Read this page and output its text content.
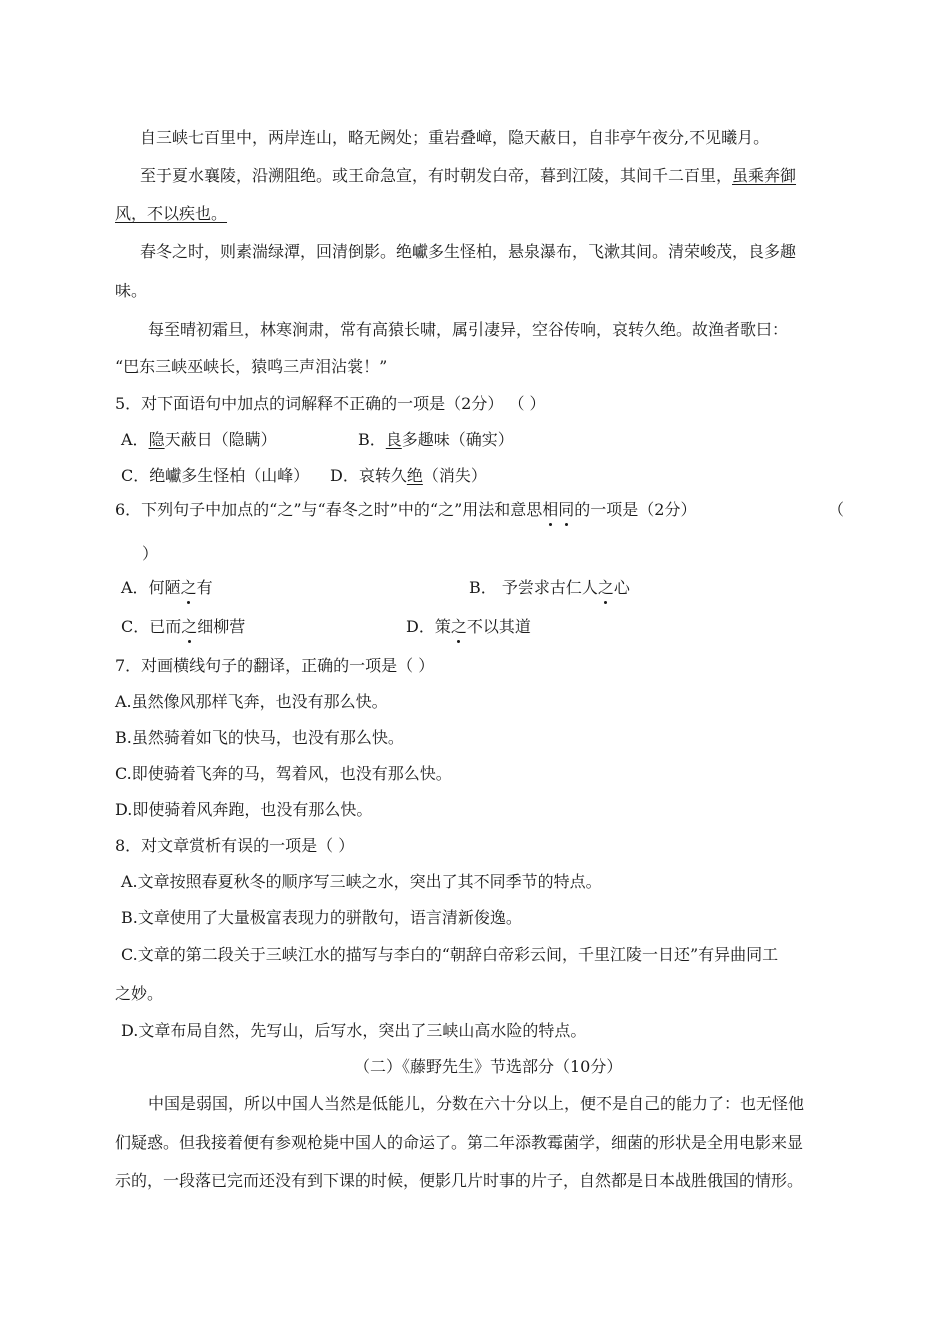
自三峡七百里中，两岸连山，略无阙处；重岩叠嶂，隐天蔽日，自非亭午夜分,不见曦月。
至于夏水襄陵，沿溯阻绝。或王命急宣，有时朝发白帝，暮到江陵，其间千二百里，虽乘奔御
风，不以疾也。
春冬之时，则素湍绿潭，回清倒影。绝巘多生怪柏，悬泉瀑布，飞漱其间。清荣峻茂，良多趣
味。
每至晴初霜旦，林寒涧肃，常有高猿长啸，属引凄异，空谷传响，哀转久绝。故渔者歌曰：
“巴东三峡巫峡长，猿鸣三声泪沾裳！”
5．对下面语句中加点的词解释不正确的一项是（2分） （ ）
A．隐天蔽日（隐瞒）	B．良多趣味（确实）
C．绝巘多生怪柏（山峰） D．哀转久绝（消失）
6．下列句子中加点的“之”与“春冬之时”中的“之”用法和意思相同的一项是（2分）	（
）
A．何陋之有	B． 予尝求古仁人之心
C．已而之细柳营	D．策之不以其道
7．对画横线句子的翻译，正确的一项是（ ）
A.虽然像风那样飞奔，也没有那么快。
B.虽然骑着如飞的快马，也没有那么快。
C.即使骑着飞奔的马，驾着风，也没有那么快。
D.即使骑着风奔跑，也没有那么快。
8．对文章赏析有误的一项是（ ）
A.文章按照春夏秋冬的顺序写三峡之水，突出了其不同季节的特点。
B.文章使用了大量极富表现力的骈散句，语言清新俊逸。
C.文章的第二段关于三峡江水的描写与李白的“朝辞白帝彩云间，千里江陵一日还”有异曲同工
之妙。
D.文章布局自然，先写山，后写水，突出了三峡山高水险的特点。
（二）《藤野先生》节选部分（10分）
中国是弱国，所以中国人当然是低能儿，分数在六十分以上，便不是自己的能力了：也无怪他
们疑惑。但我接着便有参观枪毙中国人的命运了。第二年添教霉菌学，细菌的形状是全用电影来显
示的，一段落已完而还没有到下课的时候，便影几片时事的片子，自然都是日本战胜俄国的情形。
